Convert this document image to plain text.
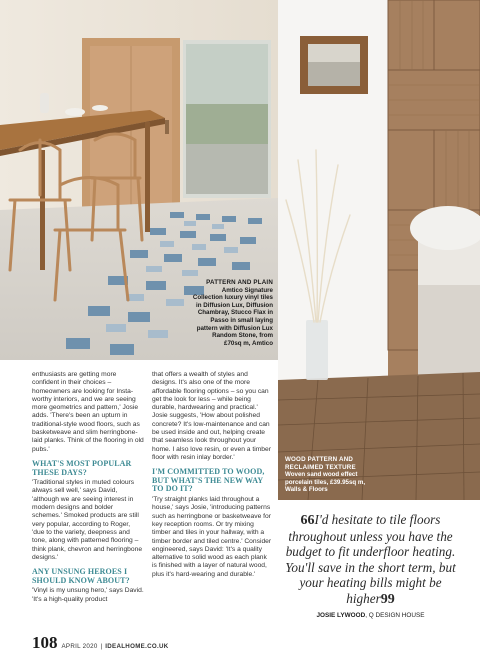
PATTERN AND PLAIN
Amtico Signature
Collection luxury vinyl tiles
in Diffusion Lux, Diffusion
Chambray, Stucco Flax in
Passo in small laying
pattern with Diffusion Lux
Random Stone, from
£70sq m, Amtico
WOOD PATTERN AND
RECLAIMED TEXTURE
Woven sand wood effect
porcelain tiles, £39.95sq m,
Walls & Floors

enthusiasts are getting more confident in their choices – homeowners are looking for Insta-worthy interiors, and we are seeing more geometrics and pattern,' Josie adds. 'There's been an upturn in traditional-style wood floors, such as basketweave and slim herringbone-laid planks. Think of the flooring in old pubs.'

WHAT'S MOST POPULAR THESE DAYS?

'Traditional styles in muted colours always sell well,' says David, 'although we are seeing interest in modern designs and bolder schemes.' Smoked products are still very popular, according to Roger, 'due to the variety, deepness and tone, along with patterned flooring – think plank, chevron and herringbone designs.'

ANY UNSUNG HEROES I SHOULD KNOW ABOUT?

'Vinyl is my unsung hero,' says David. 'It's a high-quality product

that offers a wealth of styles and designs. It's also one of the more affordable flooring options – so you can get the look for less – while being durable, hardwearing and practical.' Josie suggests, 'How about polished concrete? It's low-maintenance and can be used inside and out, helping create that seamless look throughout your home. I also love resin, or even a timber floor with resin inlay border.'

I'M COMMITTED TO WOOD, BUT WHAT'S THE NEW WAY TO DO IT?

'Try straight planks laid throughout a house,' says Josie, 'introducing patterns such as herringbone or basketweave for key reception rooms. Or try mixing timber and tiles in your hallway, with a timber border and tiled centre.' Consider engineered, says David: 'It's a quality alternative to solid wood as each plank is finished with a layer of natural wood, plus it's hard-wearing and durable.'

66I'd hesitate to tile floors throughout unless you have the budget to fit underfloor heating. You'll save in the short term, but your heating bills might be higher99
JOSIE LYWOOD, Q DESIGN HOUSE
108 APRIL 2020 | IDEALHOME.CO.UK
